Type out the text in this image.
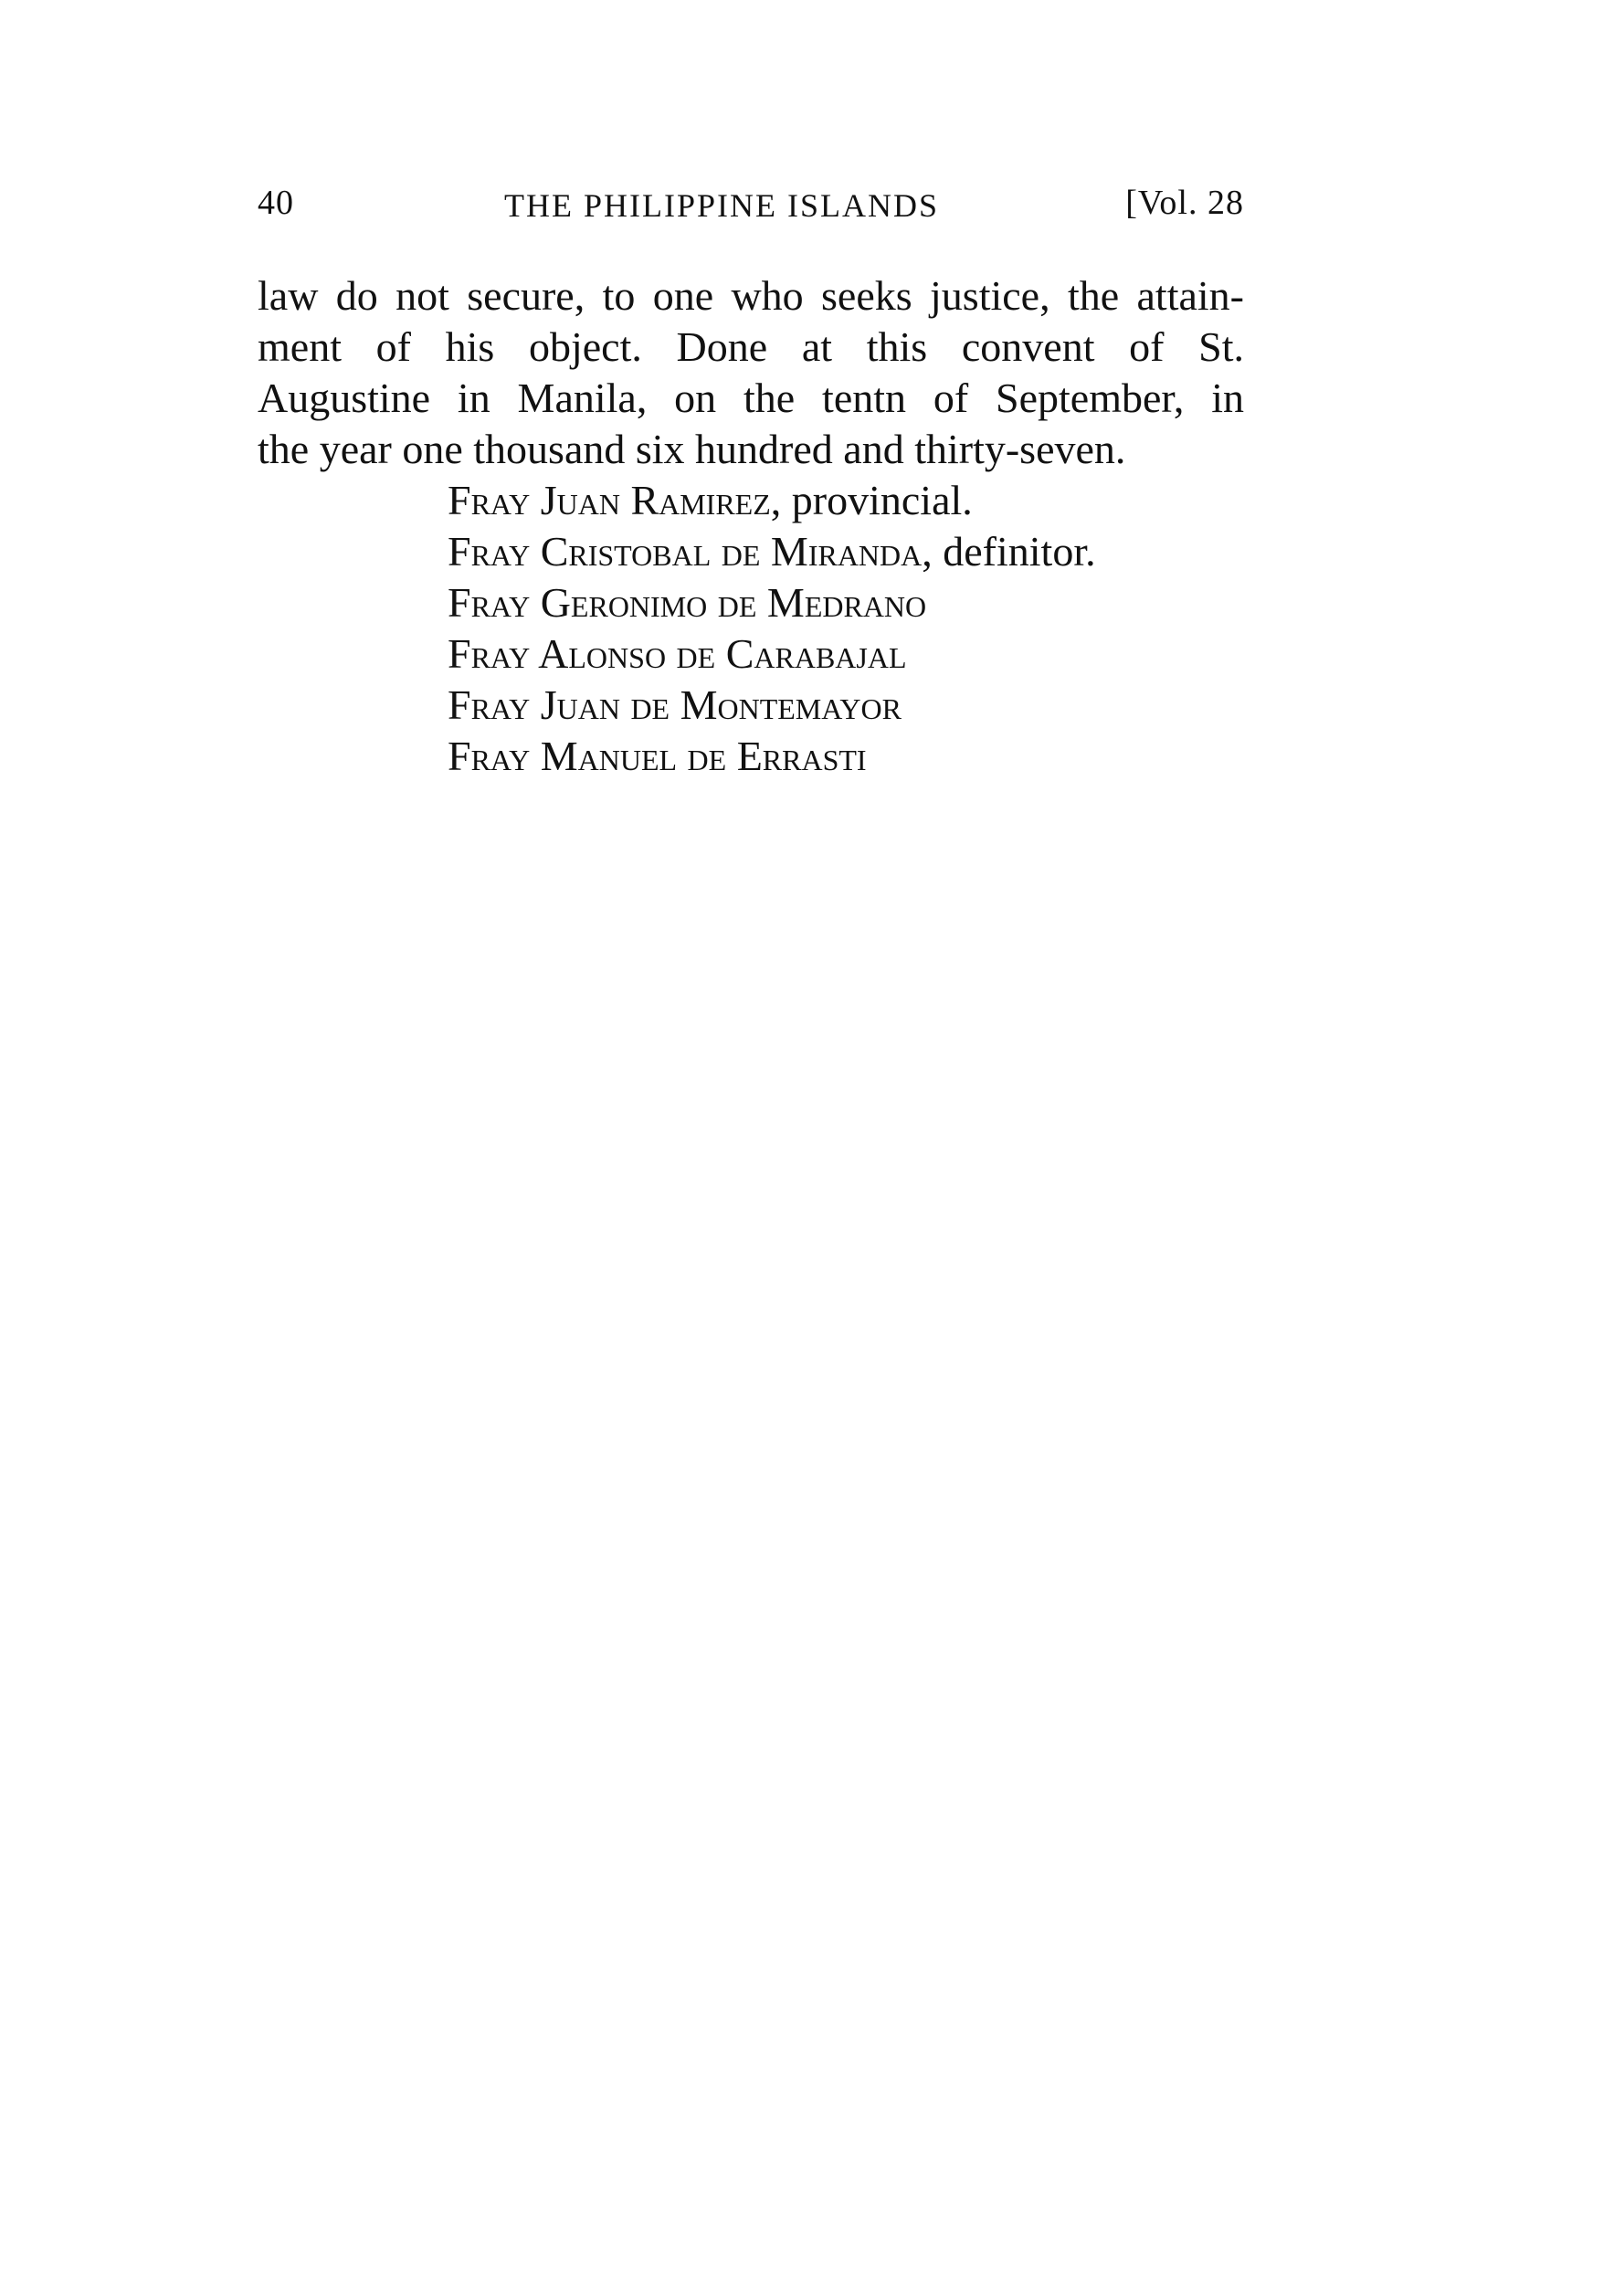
40	THE PHILIPPINE ISLANDS	[Vol. 28
law do not secure, to one who seeks justice, the attain-
ment of his object. Done at this convent of St.
Augustine in Manila, on the tentn of September, in
the year one thousand six hundred and thirty-seven.
Fray Juan Ramirez, provincial.
Fray Cristobal de Miranda, definitor.
Fray Geronimo de Medrano
Fray Alonso de Carabajal
Fray Juan de Montemayor
Fray Manuel de Errasti
